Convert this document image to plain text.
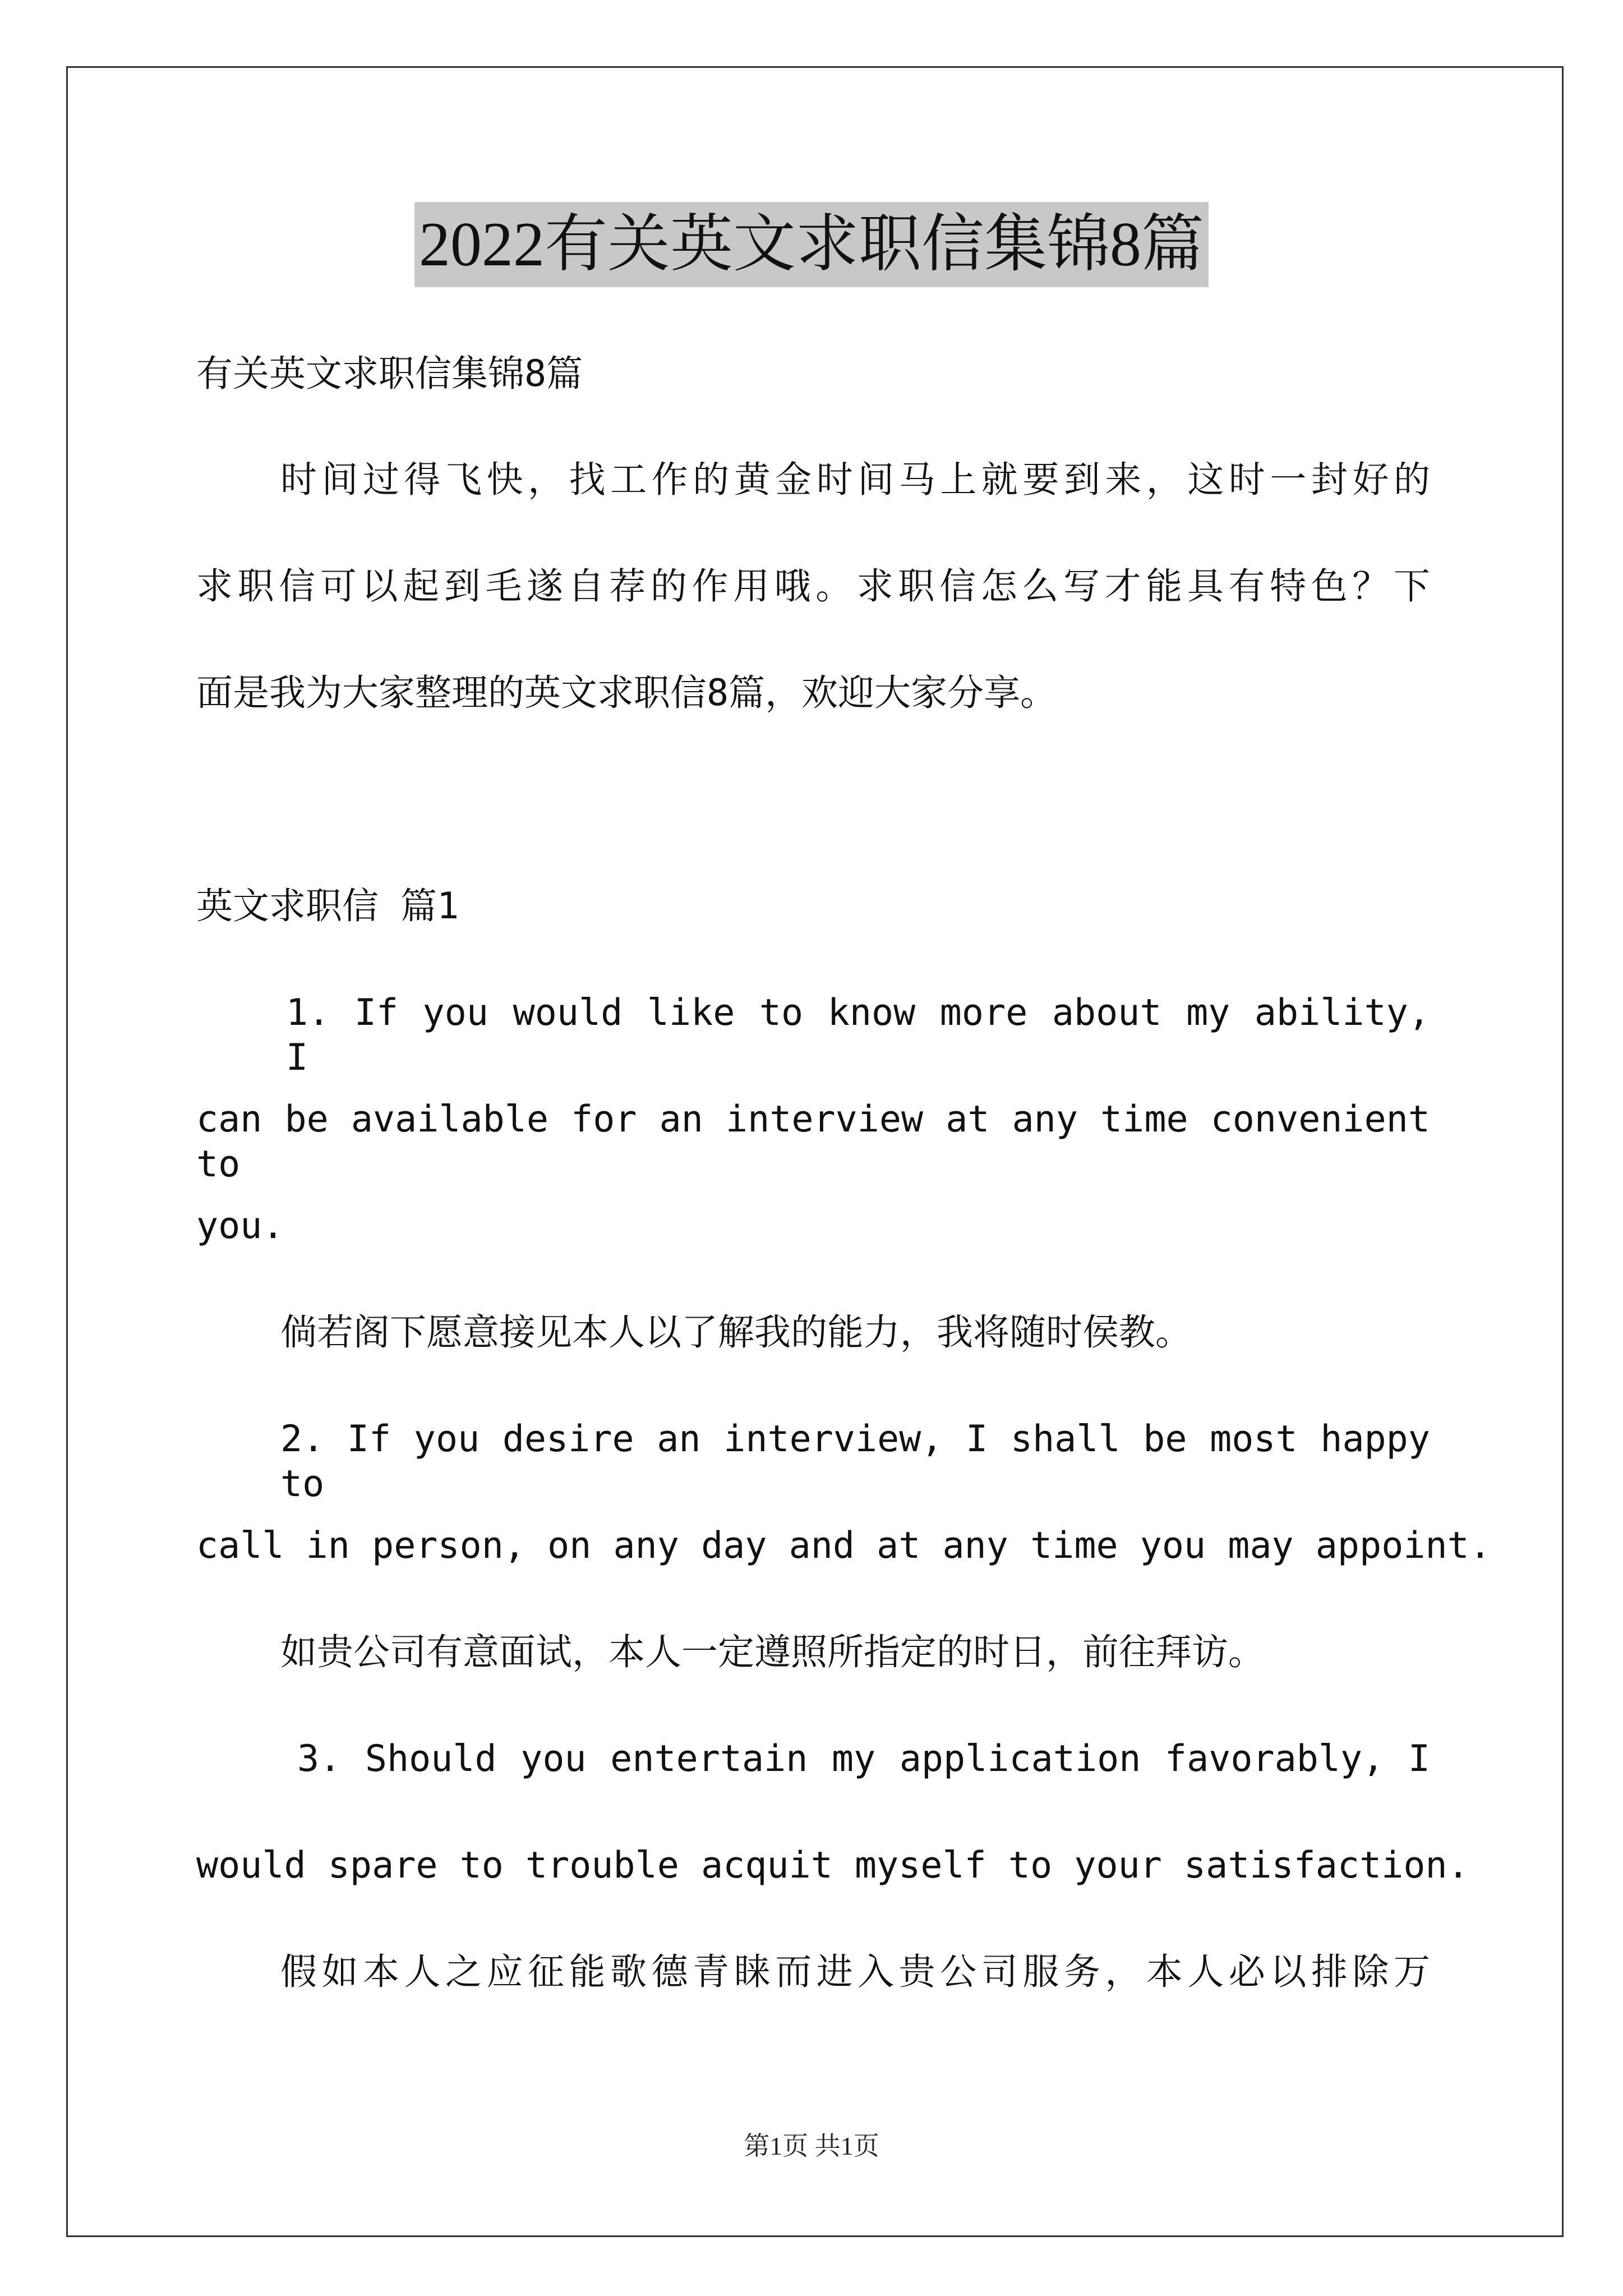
2022有关英文求职信集锦8篇
有关英文求职信集锦8篇
时间过得飞快，找工作的黄金时间马上就要到来，这时一封好的
求职信可以起到毛遂自荐的作用哦。求职信怎么写才能具有特色？下
面是我为大家整理的英文求职信8篇，欢迎大家分享。
英文求职信 篇1
1. If you would like to know more about my ability, I
can be available for an interview at any time convenient to
you.
倘若阁下愿意接见本人以了解我的能力，我将随时侯教。
2. If you desire an interview, I shall be most happy to
call in person, on any day and at any time you may appoint.
如贵公司有意面试，本人一定遵照所指定的时日，前往拜访。
3. Should you entertain my application favorably, I
would spare to trouble acquit myself to your satisfaction.
假如本人之应征能歌德青睐而进入贵公司服务，本人必以排除万
第1页 共1页
